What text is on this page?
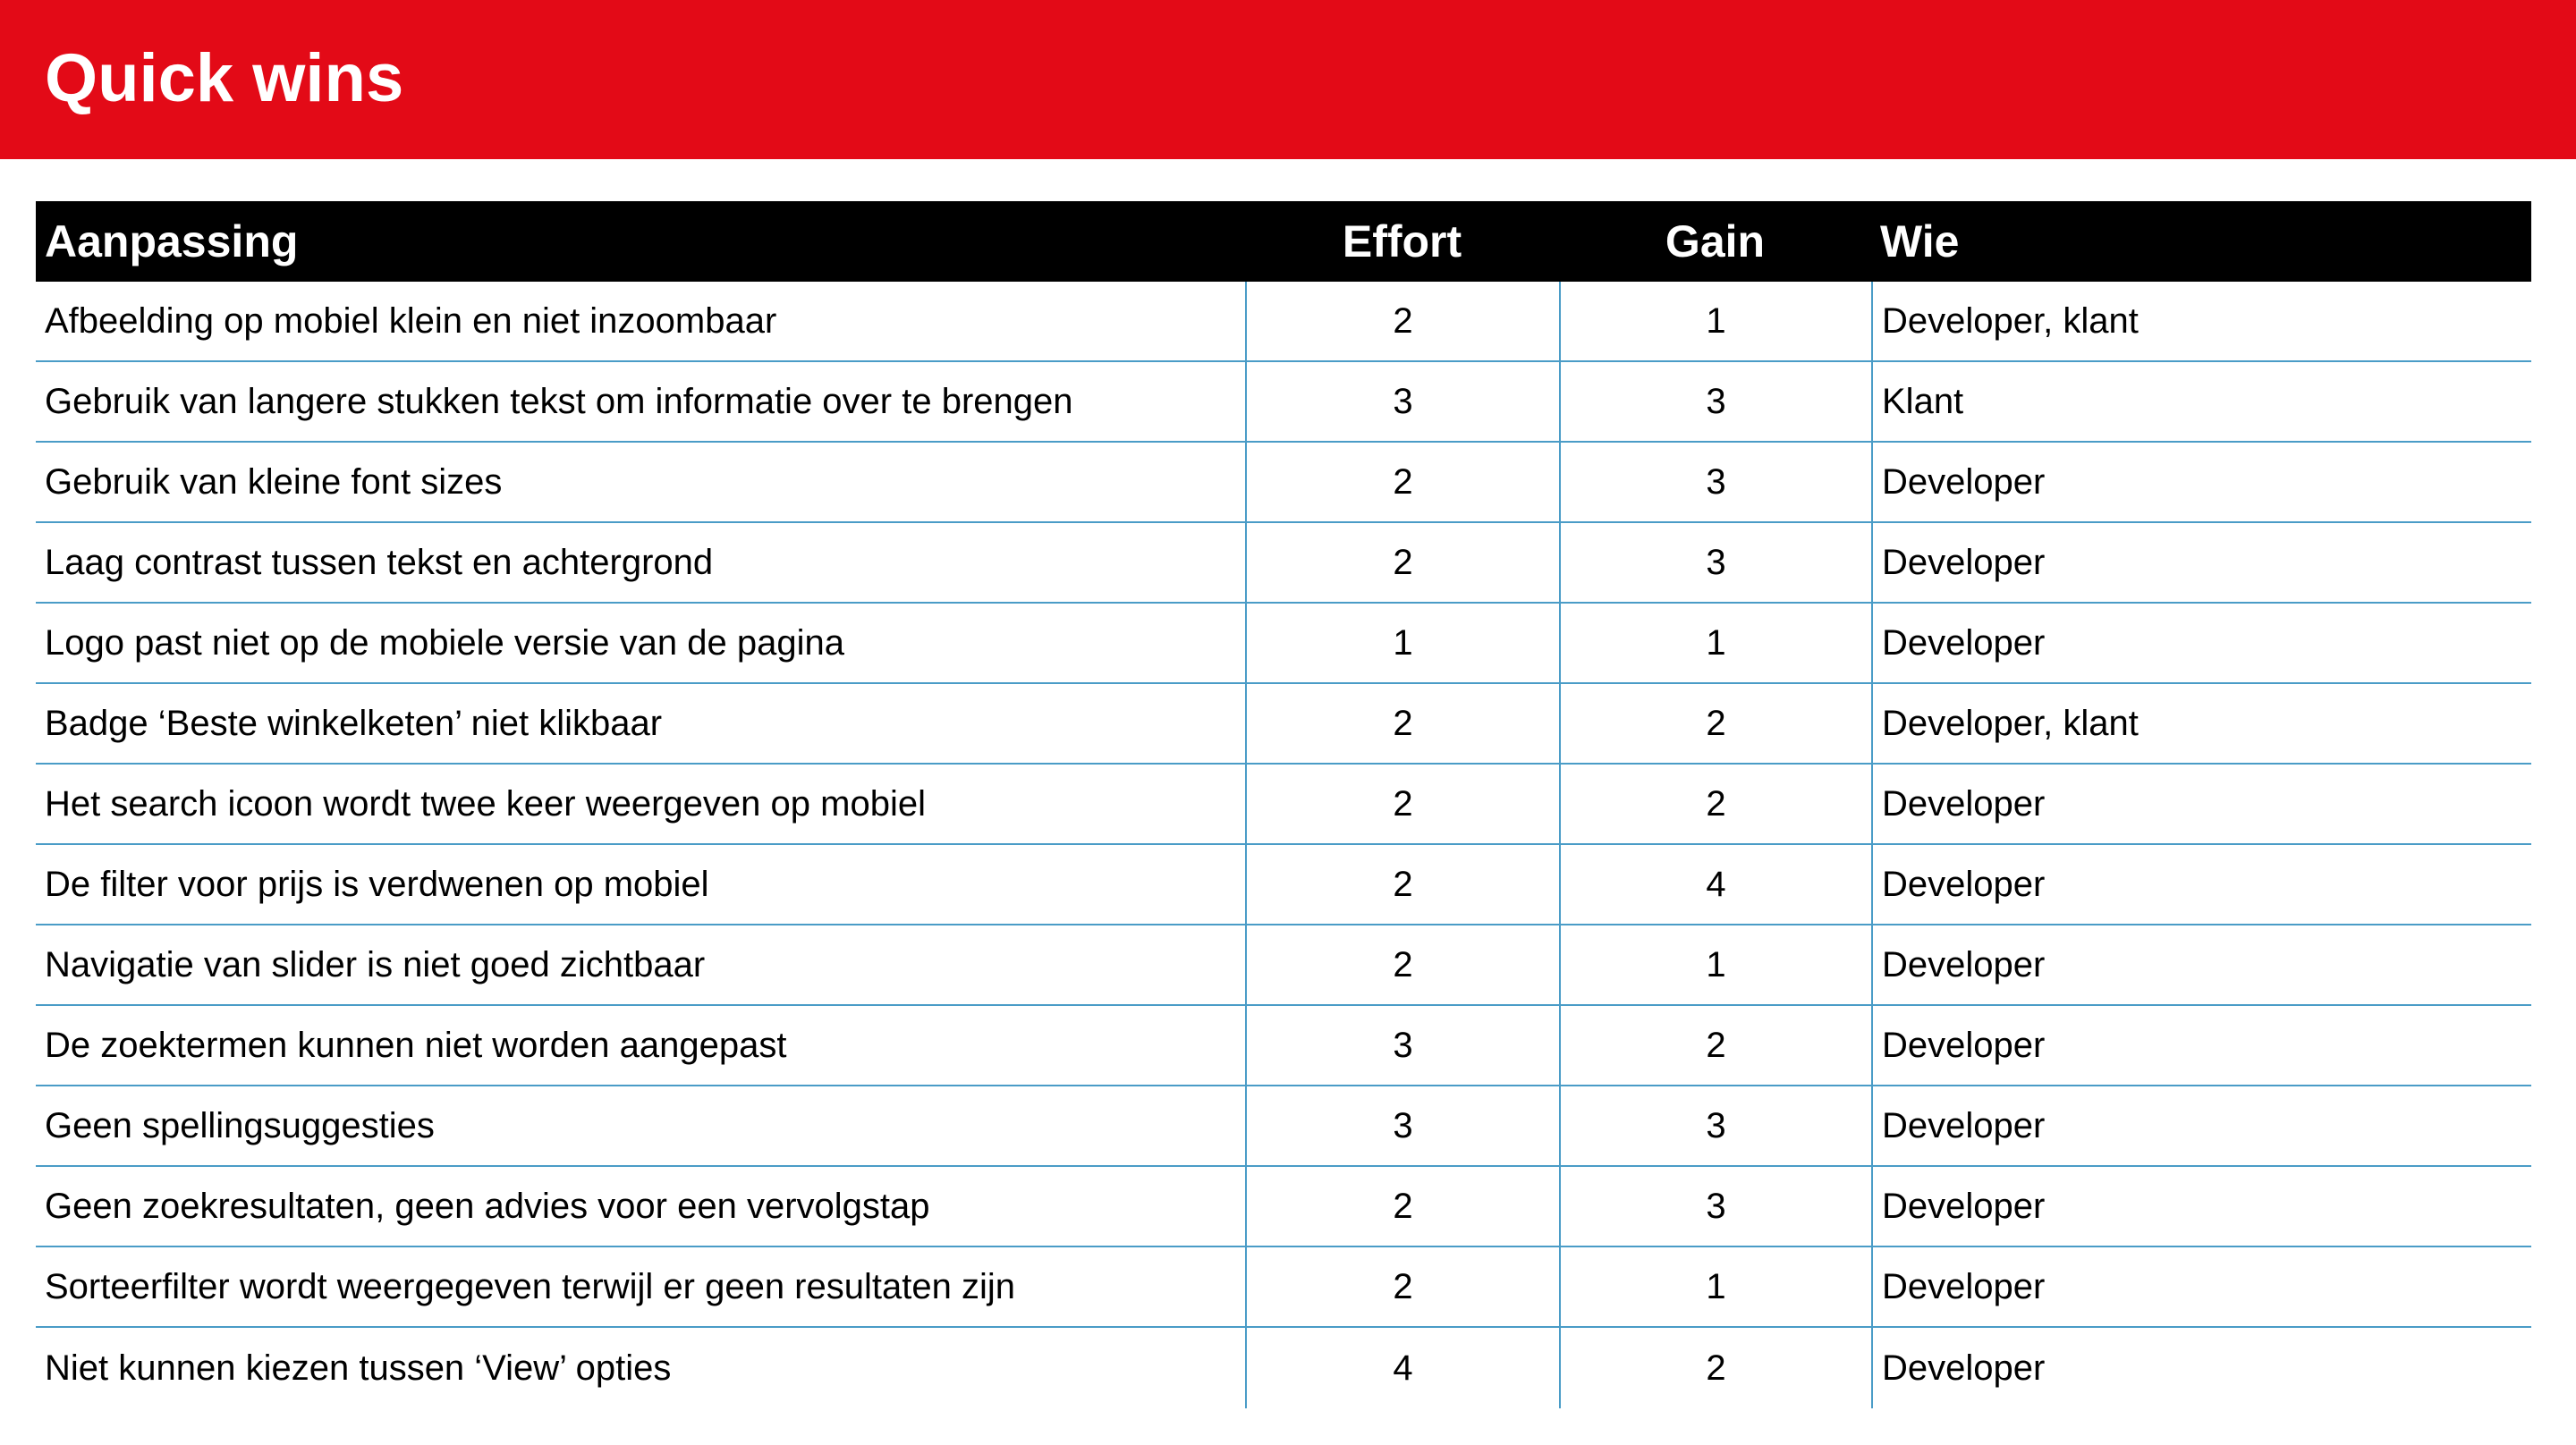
Quick wins
Aanpassing	Effort	Gain	Wie
Afbeelding op mobiel klein en niet inzoombaar	2	1	Developer, klant
Gebruik van langere stukken tekst om informatie over te brengen	3	3	Klant
Gebruik van kleine font sizes	2	3	Developer
Laag contrast tussen tekst en achtergrond	2	3	Developer
Logo past niet op de mobiele versie van de pagina	1	1	Developer
Badge ‘Beste winkelketen’ niet klikbaar	2	2	Developer, klant
Het search icoon wordt twee keer weergeven op mobiel	2	2	Developer
De filter voor prijs is verdwenen op mobiel	2	4	Developer
Navigatie van slider is niet goed zichtbaar	2	1	Developer
De zoektermen kunnen niet worden aangepast	3	2	Developer
Geen spellingsuggesties	3	3	Developer
Geen zoekresultaten, geen advies voor een vervolgstap	2	3	Developer
Sorteerfilter wordt weergegeven terwijl er geen resultaten zijn	2	1	Developer
Niet kunnen kiezen tussen ‘View’ opties	4	2	Developer
